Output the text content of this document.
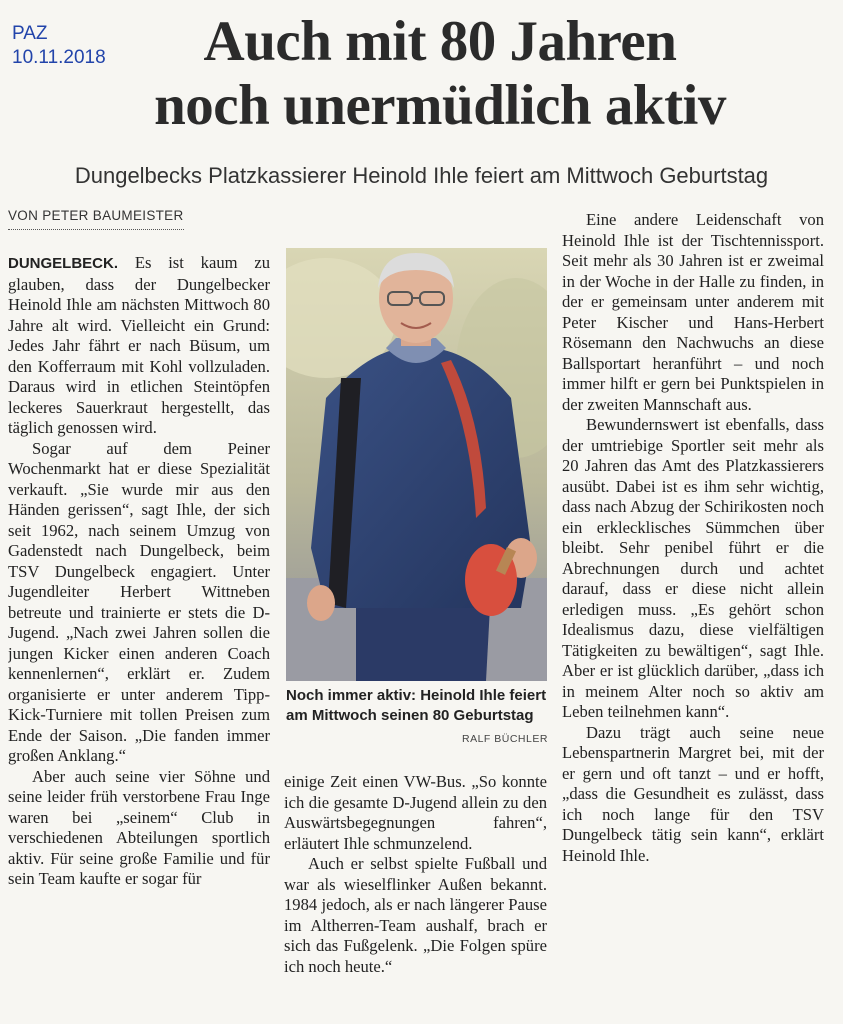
PAZ
10.11.2018	Auch mit 80 Jahren
noch unermüdlich aktiv
Dungelbecks Platzkassierer Heinold Ihle feiert am Mittwoch Geburtstag
VON PETER BAUMEISTER

DUNGELBECK. Es ist kaum zu glauben, dass der Dungelbecker Heinold Ihle am nächsten Mittwoch 80 Jahre alt wird. Vielleicht ein Grund: Jedes Jahr fährt er nach Büsum, um den Kofferraum mit Kohl vollzuladen. Daraus wird in etlichen Steintöpfen leckeres Sauerkraut hergestellt, das täglich genossen wird.

Sogar auf dem Peiner Wochenmarkt hat er diese Spezialität verkauft. „Sie wurde mir aus den Händen gerissen“, sagt Ihle, der sich seit 1962, nach seinem Umzug von Gadenstedt nach Dungelbeck, beim TSV Dungelbeck engagiert. Unter Jugendleiter Herbert Wittneben betreute und trainierte er stets die D-Jugend. „Nach zwei Jahren sollen die jungen Kicker einen anderen Coach kennenlernen“, erklärt er. Zudem organisierte er unter anderem Tipp-Kick-Turniere mit tollen Preisen zum Ende der Saison. „Die fanden immer großen Anklang.“

Aber auch seine vier Söhne und seine leider früh verstorbene Frau Inge waren bei „seinem“ Club in verschiedenen Abteilungen sportlich aktiv. Für seine große Familie und für sein Team kaufte er sogar für

Noch immer aktiv: Heinold Ihle feiert am Mittwoch seinen 80 Geburtstag
RALF BÜCHLER

einige Zeit einen VW-Bus. „So konnte ich die gesamte D-Jugend allein zu den Auswärtsbegegnungen fahren“, erläutert Ihle schmunzelend.

Auch er selbst spielte Fußball und war als wieselflinker Außen bekannt. 1984 jedoch, als er nach längerer Pause im Altherren-Team aushalf, brach er sich das Fußgelenk. „Die Folgen spüre ich noch heute.“

Eine andere Leidenschaft von Heinold Ihle ist der Tischtennissport. Seit mehr als 30 Jahren ist er zweimal in der Woche in der Halle zu finden, in der er gemeinsam unter anderem mit Peter Kischer und Hans-Herbert Rösemann den Nachwuchs an diese Ballsportart heranführt – und noch immer hilft er gern bei Punktspielen in der zweiten Mannschaft aus.

Bewundernswert ist ebenfalls, dass der umtriebige Sportler seit mehr als 20 Jahren das Amt des Platzkassierers ausübt. Dabei ist es ihm sehr wichtig, dass nach Abzug der Schirikosten noch ein erklecklisches Sümmchen über bleibt. Sehr penibel führt er die Abrechnungen durch und achtet darauf, dass er diese nicht allein erledigen muss. „Es gehört schon Idealismus dazu, diese vielfältigen Tätigkeiten zu bewältigen“, sagt Ihle. Aber er ist glücklich darüber, „dass ich in meinem Alter noch so aktiv am Leben teilnehmen kann“.

Dazu trägt auch seine neue Lebenspartnerin Margret bei, mit der er gern und oft tanzt – und er hofft, „dass die Gesundheit es zulässt, dass ich noch lange für den TSV Dungelbeck tätig sein kann“, erklärt Heinold Ihle.
